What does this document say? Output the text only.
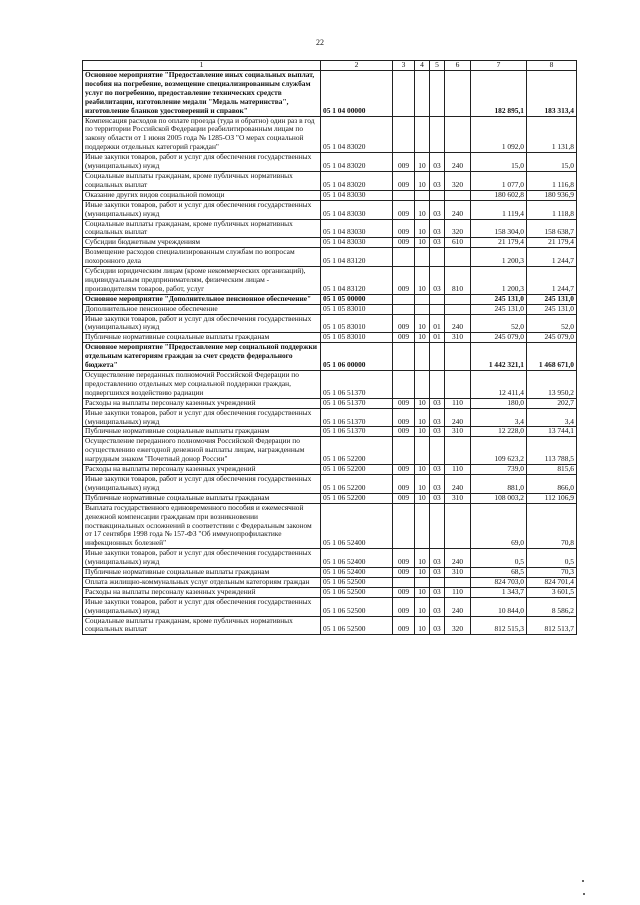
22
1	2	3	4	5	6	7	8
Основное мероприятие "Предоставление иных социальных выплат, пособия на погребение, возмещение специализированным службам услуг по погребению, предоставление технических средств реабилитации, изготовление медали "Медаль материнства", изготовление бланков удостоверений и справок"	05 1 04 00000					182 895,1	183 313,4
Компенсация расходов по оплате проезда (туда и обратно) один раз в год по территории Российской Федерации реабилитированным лицам по закону области от 1 июня 2005 года № 1285-ОЗ "О мерах социальной поддержки отдельных категорий граждан"	05 1 04 83020					1 092,0	1 131,8
Иные закупки товаров, работ и услуг для обеспечения государственных (муниципальных) нужд	05 1 04 83020	009	10	03	240	15,0	15,0
Социальные выплаты гражданам, кроме публичных нормативных социальных выплат	05 1 04 83020	009	10	03	320	1 077,0	1 116,8
Оказание других видов социальной помощи	05 1 04 83030					180 602,8	180 936,9
Иные закупки товаров, работ и услуг для обеспечения государственных (муниципальных) нужд	05 1 04 83030	009	10	03	240	1 119,4	1 118,8
Социальные выплаты гражданам, кроме публичных нормативных социальных выплат	05 1 04 83030	009	10	03	320	158 304,0	158 638,7
Субсидии бюджетным учреждениям	05 1 04 83030	009	10	03	610	21 179,4	21 179,4
Возмещение расходов специализированным службам по вопросам похоронного дела	05 1 04 83120					1 200,3	1 244,7
Субсидии юридическим лицам (кроме некоммерческих организаций), индивидуальным предпринимателям, физическим лицам - производителям товаров, работ, услуг	05 1 04 83120	009	10	03	810	1 200,3	1 244,7
Основное мероприятие "Дополнительное пенсионное обеспечение"	05 1 05 00000					245 131,0	245 131,0
Дополнительное пенсионное обеспечение	05 1 05 83010					245 131,0	245 131,0
Иные закупки товаров, работ и услуг для обеспечения государственных (муниципальных) нужд	05 1 05 83010	009	10	01	240	52,0	52,0
Публичные нормативные социальные выплаты гражданам	05 1 05 83010	009	10	01	310	245 079,0	245 079,0
Основное мероприятие "Предоставление мер социальной поддержки отдельным категориям граждан за счет средств федерального бюджета"	05 1 06 00000					1 442 321,1	1 468 671,0
Осуществление переданных полномочий Российской Федерации по предоставлению отдельных мер социальной поддержки граждан, подвергшихся воздействию радиации	05 1 06 51370					12 411,4	13 950,2
Расходы на выплаты персоналу казенных учреждений	05 1 06 51370	009	10	03	110	180,0	202,7
Иные закупки товаров, работ и услуг для обеспечения государственных (муниципальных) нужд	05 1 06 51370	009	10	03	240	3,4	3,4
Публичные нормативные социальные выплаты гражданам	05 1 06 51370	009	10	03	310	12 228,0	13 744,1
Осуществление переданного полномочия Российской Федерации по осуществлению ежегодной денежной выплаты лицам, награжденным нагрудным знаком "Почетный донор России"	05 1 06 52200					109 623,2	113 788,5
Расходы на выплаты персоналу казенных учреждений	05 1 06 52200	009	10	03	110	739,0	815,6
Иные закупки товаров, работ и услуг для обеспечения государственных (муниципальных) нужд	05 1 06 52200	009	10	03	240	881,0	866,0
Публичные нормативные социальные выплаты гражданам	05 1 06 52200	009	10	03	310	108 003,2	112 106,9
Выплата государственного единовременного пособия и ежемесячной денежной компенсации гражданам при возникновении поствакцинальных осложнений в соответствии с Федеральным законом от 17 сентября 1998 года № 157-ФЗ "Об иммунопрофилактике инфекционных болезней"	05 1 06 52400					69,0	70,8
Иные закупки товаров, работ и услуг для обеспечения государственных (муниципальных) нужд	05 1 06 52400	009	10	03	240	0,5	0,5
Публичные нормативные социальные выплаты гражданам	05 1 06 52400	009	10	03	310	68,5	70,3
Оплата жилищно-коммунальных услуг отдельным категориям граждан	05 1 06 52500					824 703,0	824 701,4
Расходы на выплаты персоналу казенных учреждений	05 1 06 52500	009	10	03	110	1 343,7	3 601,5
Иные закупки товаров, работ и услуг для обеспечения государственных (муниципальных) нужд	05 1 06 52500	009	10	03	240	10 844,0	8 586,2
Социальные выплаты гражданам, кроме публичных нормативных социальных выплат	05 1 06 52500	009	10	03	320	812 515,3	812 513,7
